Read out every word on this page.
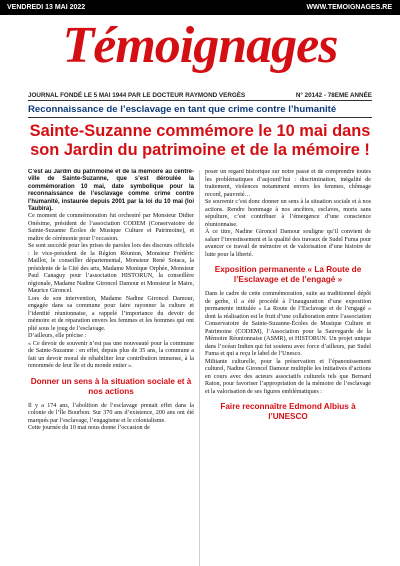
VENDREDI 13 MAI 2022	WWW.TEMOIGNAGES.RE
Témoignages
JOURNAL FONDÉ LE 5 MAI 1944 PAR LE DOCTEUR RAYMOND VERGÈS	N° 20142 - 78EME ANNÉE
Reconnaissance de l’esclavage en tant que crime contre l’humanité
Sainte-Suzanne commémore le 10 mai dans son Jardin du patrimoine et de la mémoire !

C’est au Jardin du patrimoine et de la mémoire au centre-ville de Sainte-Suzanne, que s’est déroulée la commémoration 10 mai, date symbolique pour la reconnaissance de l’esclavage comme crime contre l’humanité, instaurée depuis 2001 par la loi du 10 mai (loi Taubira).

Ce moment de commémoration fut orchestré par Monsieur Didier Onésime, président de l’association CODEM (Conservatoire de Sainte-Suzanne Écoles de Musique Culture et Patrimoine), et maître de cérémonie pour l’occasion.

Se sont succédé pour les prises de paroles lors des discours officiels : le vice-président de la Région Réunion, Monsieur Frédéric Maillot, le conseiller départemental, Monsieur René Sotaca, la présidente de la Cité des arts, Madame Monique Orphée, Monsieur Paul Canaguy pour l’association HISTORUN, la conseillère régionale, Madame Nadine Gironcel Damour et Monsieur le Maire, Maurice Gironcel.

Lors de son intervention, Madame Nadine Gironcel Damour, engagée dans sa commune pour faire rayonner la culture et l’identité réunionnaise, a rappelé l’importance du devoir de mémoire et de réparation envers les femmes et les hommes qui ont plié sous le joug de l’esclavage.

D’ailleurs, elle précise :

« Ce devoir de souvenir n’est pas une nouveauté pour la commune de Sainte-Suzanne : en effet, depuis plus de 35 ans, la commune a fait un devoir moral de réhabiliter leur contribution immense, à la renommée de leur île et du monde entier ».

Donner un sens à la situation sociale et à nos actions

Il y a 174 ans, l’abolition de l’esclavage prenait effet dans la colonie de l’Île Bourbon. Sur 370 ans d’existence, 200 ans ont été marqués par l’esclavage, l’engagisme et le colonialisme.

Cette journée du 10 mai nous donne l’occasion de

poser un regard historique sur notre passé et de comprendre toutes les problématiques d’aujourd’hui : discrimination, inégalité de traitement, violences notamment envers les femmes, chômage record, pauvreté…

Se souvenir c’est donc donner un sens à la situation sociale et à nos actions. Rendre hommage à nos ancêtres, esclaves, morts sans sépulture, c’est contribuer à l’émergence d’une conscience réunionnaise.

À ce titre, Nadine Gironcel Damour souligne qu’il convient de saluer l’investissement et la qualité des travaux de Sudel Fuma pour avancer ce travail de mémoire et de valorisation d’une histoire de lutte pour la liberté.

Exposition permanente « La Route de l’Esclavage et de l’engagé »

Dans le cadre de cette commémoration, suite au traditionnel dépôt de gerbe, il a été procédé à l’inauguration d’une exposition permanente intitulée « La Route de l’Esclavage et de l’engagé » dont la réalisation est le fruit d’une collaboration entre l’association Conservatoire de Sainte-Suzanne-Écoles de Musique Culture et Patrimoine (CODEM), l’Association pour la Sauvegarde de la Mémoire Réunionnaise (ASMR), et HISTORUN. Un projet unique dans l’océan Indien qui fut soutenu avec force d’ailleurs, par Sudel Fuma et qui a reçu le label de l’Unesco.

Militante culturelle, pour la préservation et l’épanouissement culturel, Nadine Gironcel Damour multiplie les initiatives d’actions en cours avec des acteurs associatifs culturels tels que Bernard Raton, pour favoriser l’appropriation de la mémoire de l’esclavage et la valorisation de ses figures emblématiques :

Faire reconnaître Edmond Albius à l’UNESCO
